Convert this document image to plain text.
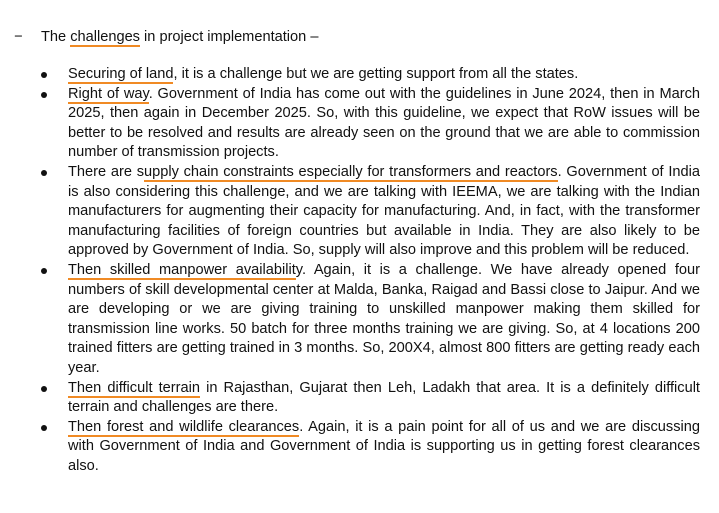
− The challenges in project implementation –
Securing of land, it is a challenge but we are getting support from all the states.
Right of way. Government of India has come out with the guidelines in June 2024, then in March 2025, then again in December 2025. So, with this guideline, we expect that RoW issues will be better to be resolved and results are already seen on the ground that we are able to commission number of transmission projects.
There are supply chain constraints especially for transformers and reactors. Government of India is also considering this challenge, and we are talking with IEEMA, we are talking with the Indian manufacturers for augmenting their capacity for manufacturing. And, in fact, with the transformer manufacturing facilities of foreign countries but available in India. They are also likely to be approved by Government of India. So, supply will also improve and this problem will be reduced.
Then skilled manpower availability. Again, it is a challenge. We have already opened four numbers of skill developmental center at Malda, Banka, Raigad and Bassi close to Jaipur. And we are developing or we are giving training to unskilled manpower making them skilled for transmission line works. 50 batch for three months training we are giving. So, at 4 locations 200 trained fitters are getting trained in 3 months. So, 200X4, almost 800 fitters are getting ready each year.
Then difficult terrain in Rajasthan, Gujarat then Leh, Ladakh that area. It is a definitely difficult terrain and challenges are there.
Then forest and wildlife clearances. Again, it is a pain point for all of us and we are discussing with Government of India and Government of India is supporting us in getting forest clearances also.
